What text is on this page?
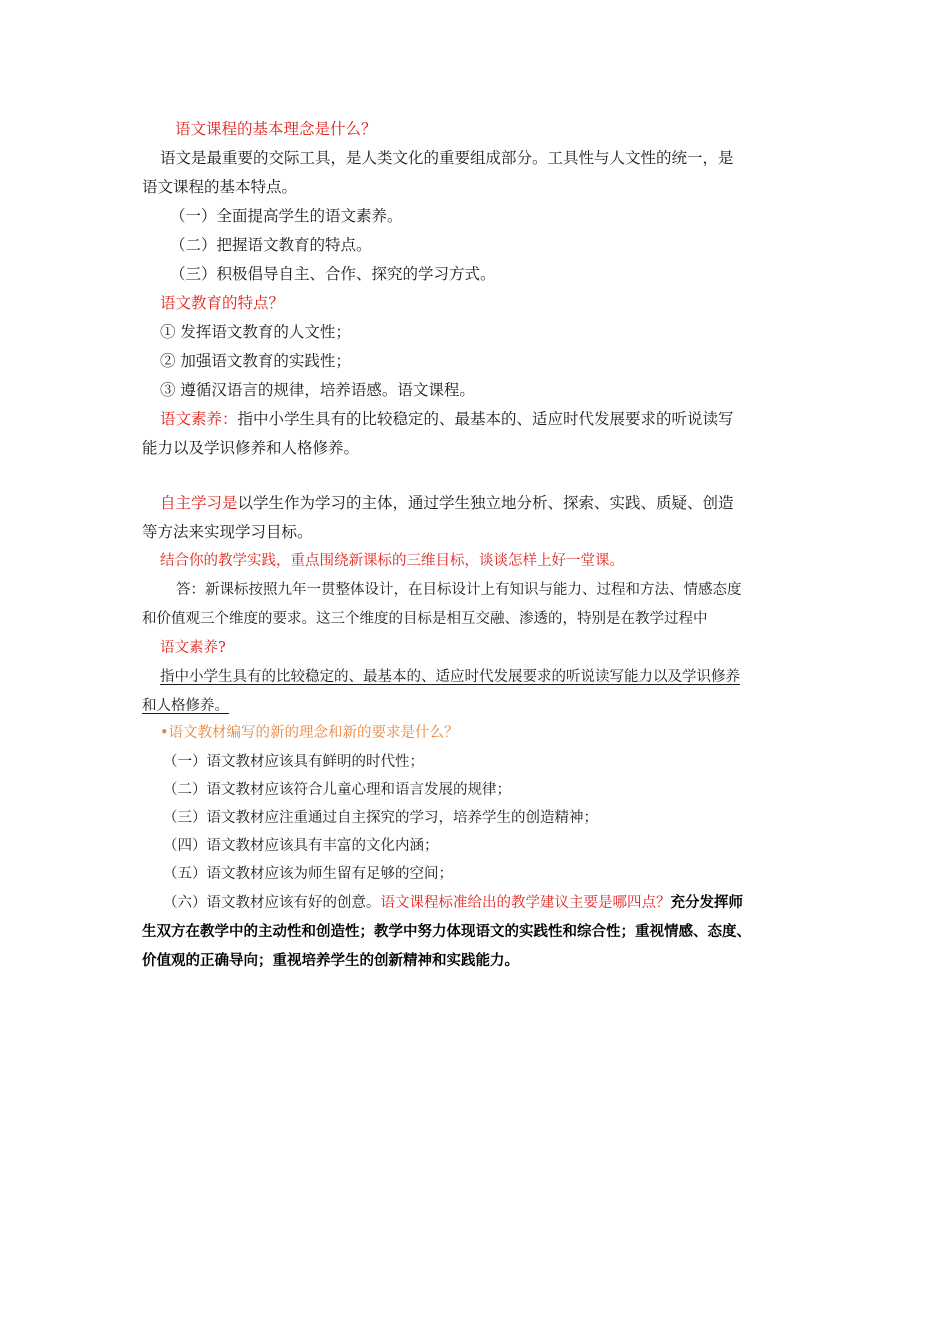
语文课程的基本理念是什么？
语文是最重要的交际工具，是人类文化的重要组成部分。工具性与人文性的统一，是
语文课程的基本特点。
（一）全面提高学生的语文素养。
（二）把握语文教育的特点。
（三）积极倡导自主、合作、探究的学习方式。
语文教育的特点？
① 发挥语文教育的人文性；
② 加强语文教育的实践性；
③ 遵循汉语言的规律，培养语感。语文课程。
语文素养：指中小学生具有的比较稳定的、最基本的、适应时代发展要求的听说读写
能力以及学识修养和人格修养。
自主学习是以学生作为学习的主体，通过学生独立地分析、探索、实践、质疑、创造
等方法来实现学习目标。
结合你的教学实践，重点围绕新课标的三维目标，谈谈怎样上好一堂课。
答：新课标按照九年一贯整体设计，在目标设计上有知识与能力、过程和方法、情感态度
和价值观三个维度的要求。这三个维度的目标是相互交融、渗透的，特别是在教学过程中
语文素养?
指中小学生具有的比较稳定的、最基本的、适应时代发展要求的听说读写能力以及学识修养
和人格修养。
•语文教材编写的新的理念和新的要求是什么？
（一）语文教材应该具有鲜明的时代性；
（二）语文教材应该符合儿童心理和语言发展的规律；
（三）语文教材应注重通过自主探究的学习，培养学生的创造精神；
（四）语文教材应该具有丰富的文化内涵；
（五）语文教材应该为师生留有足够的空间；
（六）语文教材应该有好的创意。语文课程标准给出的教学建议主要是哪四点？充分发挥师
生双方在教学中的主动性和创造性；教学中努力体现语文的实践性和综合性；重视情感、态度、
价值观的正确导向；重视培养学生的创新精神和实践能力。
